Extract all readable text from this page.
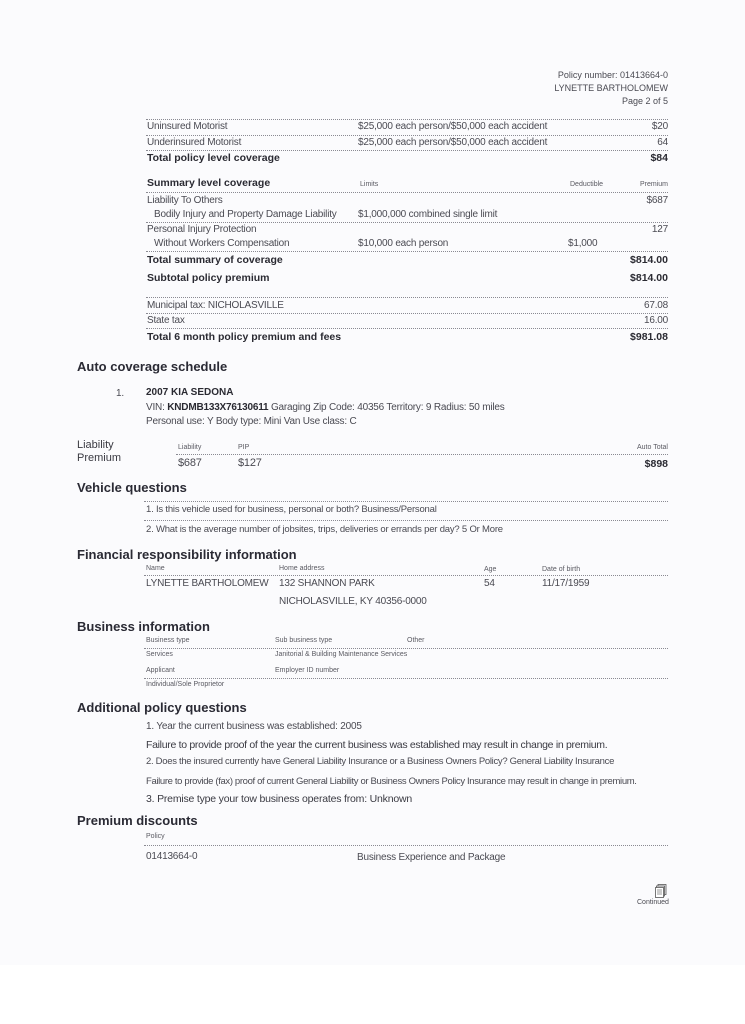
Policy number: 01413664-0
LYNETTE BARTHOLOMEW
Page 2 of 5
Uninsured Motorist	$25,000 each person/$50,000 each accident	$20
Underinsured Motorist	$25,000 each person/$50,000 each accident	64
Total policy level coverage	$84
Summary level coverage	Limits	Deductible	Premium
Liability To Others	$687
Bodily Injury and Property Damage Liability $1,000,000 combined single limit
Personal Injury Protection	127
Without Workers Compensation	$10,000 each person	$1,000
Total summary of coverage	$814.00
Subtotal policy premium	$814.00
Municipal tax: NICHOLASVILLE	67.08
State tax	16.00
Total 6 month policy premium and fees	$981.08
Auto coverage schedule
1. 2007 KIA SEDONA
VIN: KNDMB133X76130611 Garaging Zip Code: 40356 Territory: 9 Radius: 50 miles
Personal use: Y Body type: Mini Van Use class: C
Liability
Premium
Liability	PIP	Auto Total
$687	$127	$898
Vehicle questions
1. Is this vehicle used for business, personal or both? Business/Personal
2. What is the average number of jobsites, trips, deliveries or errands per day? 5 Or More
Financial responsibility information
Name	Home address	Age	Date of birth
LYNETTE BARTHOLOMEW 132 SHANNON PARK	54	11/17/1959
NICHOLASVILLE, KY 40356-0000
Business information
Business type	Sub business type	Other
Services	Janitorial & Building Maintenance Services
Applicant	Employer ID number
Individual/Sole Proprietor
Additional policy questions
1. Year the current business was established: 2005
Failure to provide proof of the year the current business was established may result in change in premium.
2. Does the insured currently have General Liability Insurance or a Business Owners Policy? General Liability Insurance
Failure to provide (fax) proof of current General Liability or Business Owners Policy Insurance may result in change in premium.
3. Premise type your tow business operates from: Unknown
Premium discounts
Policy
01413664-0	Business Experience and Package
Continued
